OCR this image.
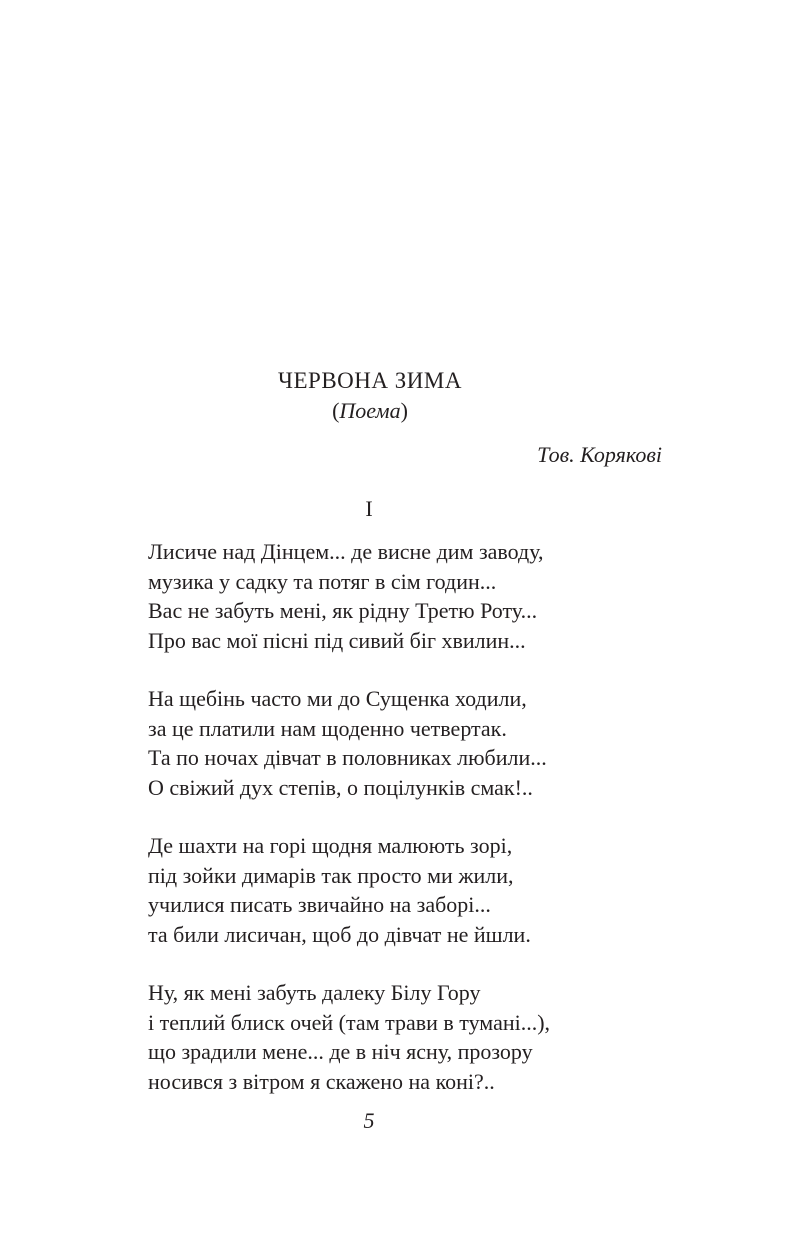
ЧЕРВОНА ЗИМА
(Поема)
Тов. Корякові
І
Лисиче над Дінцем... де висне дим заводу,
музика у садку та потяг в сім годин...
Вас не забуть мені, як рідну Третю Роту...
Про вас мої пісні під сивий біг хвилин...
На щебінь часто ми до Сущенка ходили,
за це платили нам щоденно четвертак.
Та по ночах дівчат в половниках любили...
О свіжий дух степів, о поцілунків смак!..
Де шахти на горі щодня малюють зорі,
під зойки димарів так просто ми жили,
училися писать звичайно на заборі...
та били лисичан, щоб до дівчат не йшли.
Ну, як мені забуть далеку Білу Гору
і теплий блиск очей (там трави в тумані...),
що зрадили мене... де в ніч ясну, прозору
носився з вітром я скажено на коні?..
5
